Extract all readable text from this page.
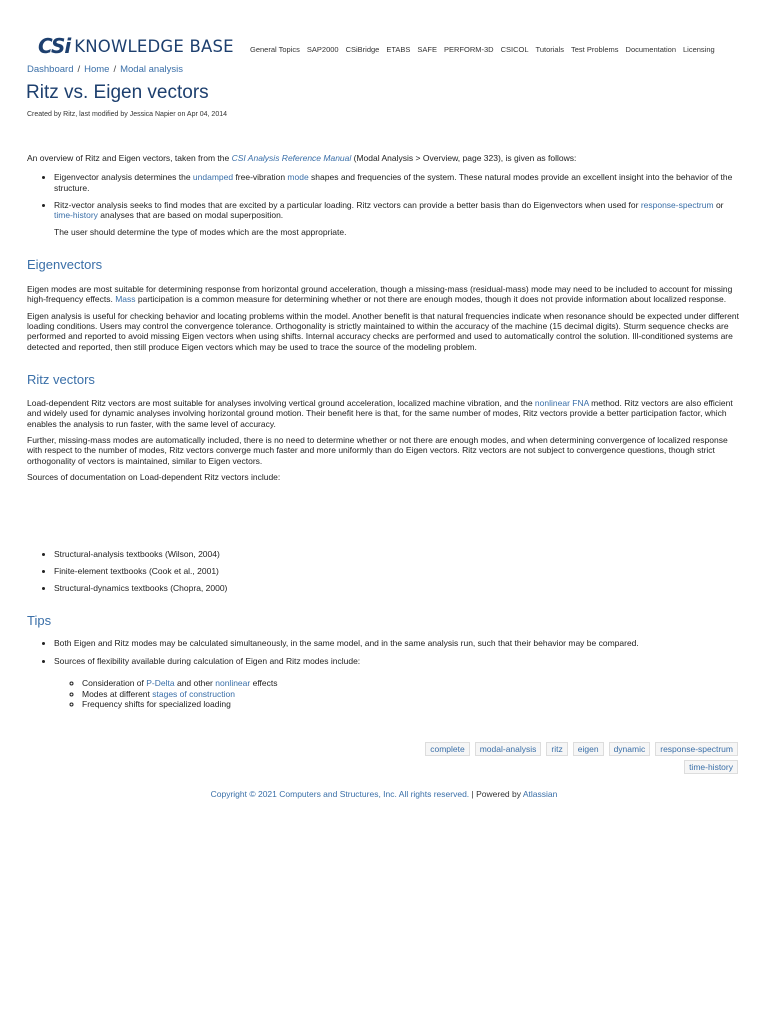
CSi KNOWLEDGE BASE General Topics SAP2000 CSiBridge ETABS SAFE PERFORM-3D CSICOL Tutorials Test Problems Documentation Licensing
Dashboard / Home / Modal analysis
Ritz vs. Eigen vectors
Created by Ritz, last modified by Jessica Napier on Apr 04, 2014

An overview of Ritz and Eigen vectors, taken from the CSI Analysis Reference Manual (Modal Analysis > Overview, page 323), is given as follows:

• Eigenvector analysis determines the undamped free-vibration mode shapes and frequencies of the system. These natural modes provide an excellent insight into the behavior of the structure.
• Ritz-vector analysis seeks to find modes that are excited by a particular loading. Ritz vectors can provide a better basis than do Eigenvectors when used for response-spectrum or time-history analyses that are based on modal superposition.

The user should determine the type of modes which are the most appropriate.

Eigenvectors

Eigen modes are most suitable for determining response from horizontal ground acceleration, though a missing-mass (residual-mass) mode may need to be included to account for missing high-frequency effects. Mass participation is a common measure for determining whether or not there are enough modes, though it does not provide information about localized response.

Eigen analysis is useful for checking behavior and locating problems within the model. Another benefit is that natural frequencies indicate when resonance should be expected under different loading conditions. Users may control the convergence tolerance. Orthogonality is strictly maintained to within the accuracy of the machine (15 decimal digits). Sturm sequence checks are performed and reported to avoid missing Eigen vectors when using shifts. Internal accuracy checks are performed and used to automatically control the solution. Ill-conditioned systems are detected and reported, then still produce Eigen vectors which may be used to trace the source of the modeling problem.

Ritz vectors

Load-dependent Ritz vectors are most suitable for analyses involving vertical ground acceleration, localized machine vibration, and the nonlinear FNA method. Ritz vectors are also efficient and widely used for dynamic analyses involving horizontal ground motion. Their benefit here is that, for the same number of modes, Ritz vectors provide a better participation factor, which enables the analysis to run faster, with the same level of accuracy.

Further, missing-mass modes are automatically included, there is no need to determine whether or not there are enough modes, and when determining convergence of localized response with respect to the number of modes, Ritz vectors converge much faster and more uniformly than do Eigen vectors. Ritz vectors are not subject to convergence questions, though strict orthogonality of vectors is maintained, similar to Eigen vectors.

Sources of documentation on Load-dependent Ritz vectors include:

• Structural-analysis textbooks (Wilson, 2004)
• Finite-element textbooks (Cook et al., 2001)
• Structural-dynamics textbooks (Chopra, 2000)
Tips
• Both Eigen and Ritz modes may be calculated simultaneously, in the same model, and in the same analysis run, such that their behavior may be compared.
• Sources of flexibility available during calculation of Eigen and Ritz modes include:
◦ Consideration of P-Delta and other nonlinear effects
◦ Modes at different stages of construction
◦ Frequency shifts for specialized loading
complete	modal-analysis	ritz	eigen	dynamic	response-spectrum
time-history
Copyright © 2021 Computers and Structures, Inc. All rights reserved. | Powered by Atlassian
